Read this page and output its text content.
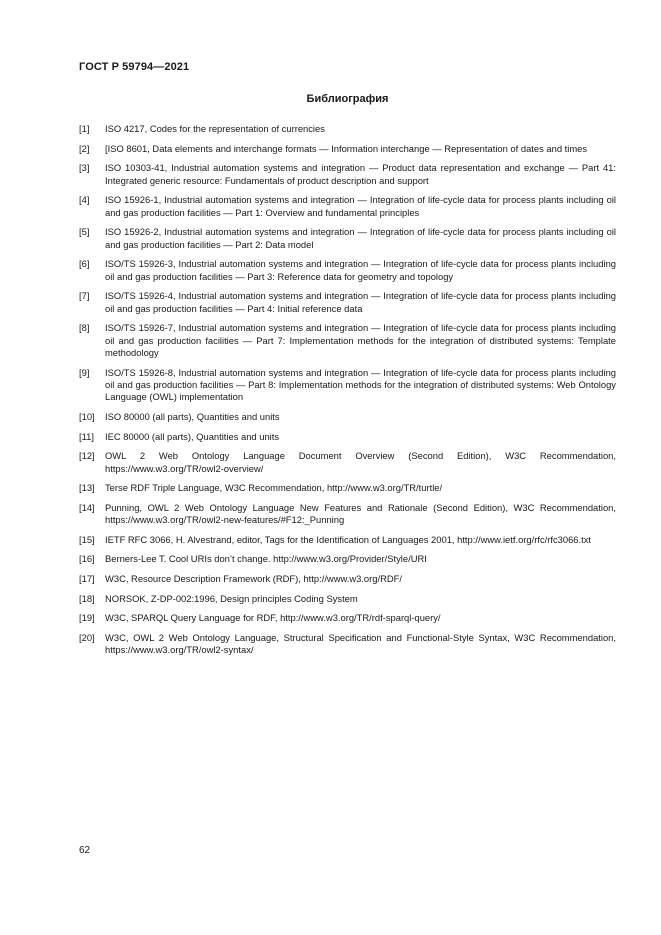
ГОСТ Р 59794—2021
Библиография
[1]	ISO 4217, Codes for the representation of currencies
[2]	[ISO 8601, Data elements and interchange formats — Information interchange — Representation of dates and times
[3]	ISO 10303-41, Industrial automation systems and integration — Product data representation and exchange — Part 41: Integrated generic resource: Fundamentals of product description and support
[4]	ISO 15926-1, Industrial automation systems and integration — Integration of life-cycle data for process plants including oil and gas production facilities — Part 1: Overview and fundamental principles
[5]	ISO 15926-2, Industrial automation systems and integration — Integration of life-cycle data for process plants including oil and gas production facilities — Part 2: Data model
[6]	ISO/TS 15926-3, Industrial automation systems and integration — Integration of life-cycle data for process plants including oil and gas production facilities — Part 3: Reference data for geometry and topology
[7]	ISO/TS 15926-4, Industrial automation systems and integration — Integration of life-cycle data for process plants including oil and gas production facilities — Part 4: Initial reference data
[8]	ISO/TS 15926-7, Industrial automation systems and integration — Integration of life-cycle data for process plants including oil and gas production facilities — Part 7: Implementation methods for the integration of distributed systems: Template methodology
[9]	ISO/TS 15926-8, Industrial automation systems and integration — Integration of life-cycle data for process plants including oil and gas production facilities — Part 8: Implementation methods for the integration of distributed systems: Web Ontology Language (OWL) implementation
[10]	ISO 80000 (all parts), Quantities and units
[11]	IEC 80000 (all parts), Quantities and units
[12]	OWL 2 Web Ontology Language Document Overview (Second Edition), W3C Recommendation, https://www.w3.org/TR/owl2-overview/
[13]	Terse RDF Triple Language, W3C Recommendation, http://www.w3.org/TR/turtle/
[14]	Punning, OWL 2 Web Ontology Language New Features and Rationale (Second Edition), W3C Recommendation, https://www.w3.org/TR/owl2-new-features/#F12:_Punning
[15]	IETF RFC 3066, H. Alvestrand, editor, Tags for the Identification of Languages 2001, http://www.ietf.org/rfc/rfc3066.txt
[16]	Berners-Lee T. Cool URIs don’t change. http://www.w3.org/Provider/Style/URI
[17]	W3C, Resource Description Framework (RDF), http://www.w3.org/RDF/
[18]	NORSOK, Z-DP-002:1996, Design principles Coding System
[19]	W3C, SPARQL Query Language for RDF, http://www.w3.org/TR/rdf-sparql-query/
[20]	W3C, OWL 2 Web Ontology Language, Structural Specification and Functional-Style Syntax, W3C Recommendation, https://www.w3.org/TR/owl2-syntax/
62
